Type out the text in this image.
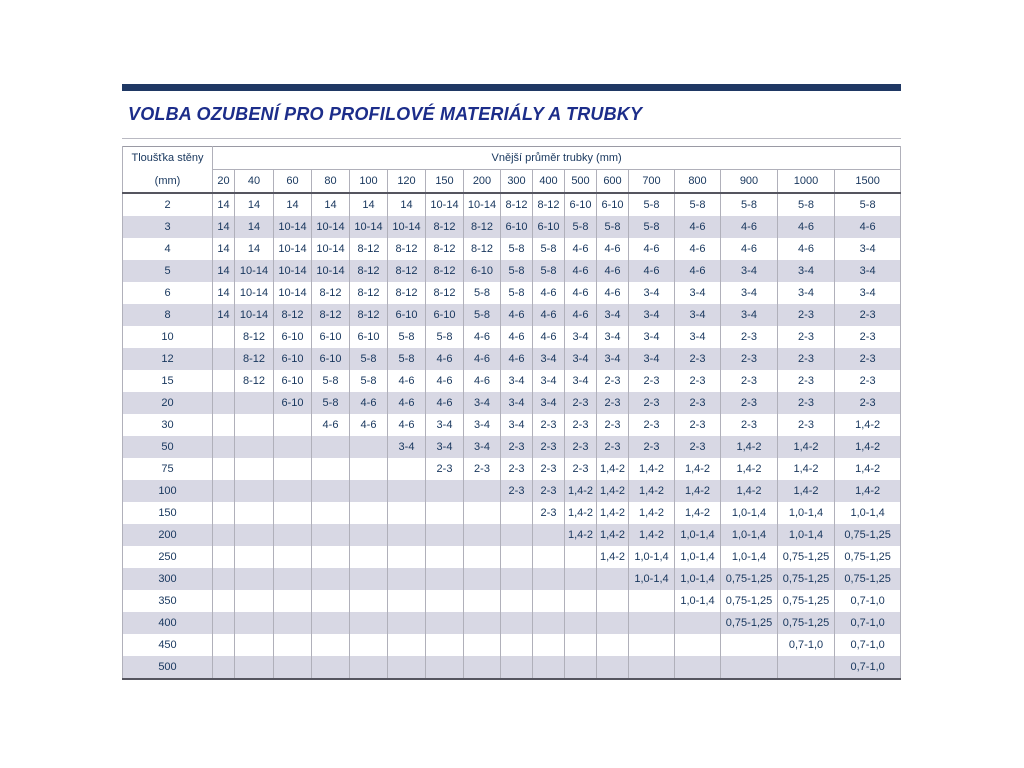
VOLBA OZUBENÍ PRO PROFILOVÉ MATERIÁLY A TRUBKY
Tloušťka stěny	Vnější průměr trubky (mm)																
(mm)	20	40	60	80	100	120	150	200	300	400	500	600	700	800	900	1000	1500
2	14	14	14	14	14	14	10-14	10-14	8-12	8-12	6-10	6-10	5-8	5-8	5-8	5-8	5-8
3	14	14	10-14	10-14	10-14	10-14	8-12	8-12	6-10	6-10	5-8	5-8	5-8	4-6	4-6	4-6	4-6
4	14	14	10-14	10-14	8-12	8-12	8-12	8-12	5-8	5-8	4-6	4-6	4-6	4-6	4-6	4-6	3-4
5	14	10-14	10-14	10-14	8-12	8-12	8-12	6-10	5-8	5-8	4-6	4-6	4-6	4-6	3-4	3-4	3-4
6	14	10-14	10-14	8-12	8-12	8-12	8-12	5-8	5-8	4-6	4-6	4-6	3-4	3-4	3-4	3-4	3-4
8	14	10-14	8-12	8-12	8-12	6-10	6-10	5-8	4-6	4-6	4-6	3-4	3-4	3-4	3-4	2-3	2-3
10		8-12	6-10	6-10	6-10	5-8	5-8	4-6	4-6	4-6	3-4	3-4	3-4	3-4	2-3	2-3	2-3
12		8-12	6-10	6-10	5-8	5-8	4-6	4-6	4-6	3-4	3-4	3-4	3-4	2-3	2-3	2-3	2-3
15		8-12	6-10	5-8	5-8	4-6	4-6	4-6	3-4	3-4	3-4	2-3	2-3	2-3	2-3	2-3	2-3
20			6-10	5-8	4-6	4-6	4-6	3-4	3-4	3-4	2-3	2-3	2-3	2-3	2-3	2-3	2-3
30				4-6	4-6	4-6	3-4	3-4	3-4	2-3	2-3	2-3	2-3	2-3	2-3	2-3	1,4-2
50						3-4	3-4	3-4	2-3	2-3	2-3	2-3	2-3	2-3	1,4-2	1,4-2	1,4-2
75							2-3	2-3	2-3	2-3	2-3	1,4-2	1,4-2	1,4-2	1,4-2	1,4-2	1,4-2
100									2-3	2-3	1,4-2	1,4-2	1,4-2	1,4-2	1,4-2	1,4-2	1,4-2
150										2-3	1,4-2	1,4-2	1,4-2	1,4-2	1,0-1,4	1,0-1,4	1,0-1,4
200											1,4-2	1,4-2	1,4-2	1,0-1,4	1,0-1,4	1,0-1,4	0,75-1,25
250												1,4-2	1,0-1,4	1,0-1,4	1,0-1,4	0,75-1,25	0,75-1,25
300													1,0-1,4	1,0-1,4	0,75-1,25	0,75-1,25	0,75-1,25
350														1,0-1,4	0,75-1,25	0,75-1,25	0,7-1,0
400															0,75-1,25	0,75-1,25	0,7-1,0
450																0,7-1,0	0,7-1,0
500																	0,7-1,0
